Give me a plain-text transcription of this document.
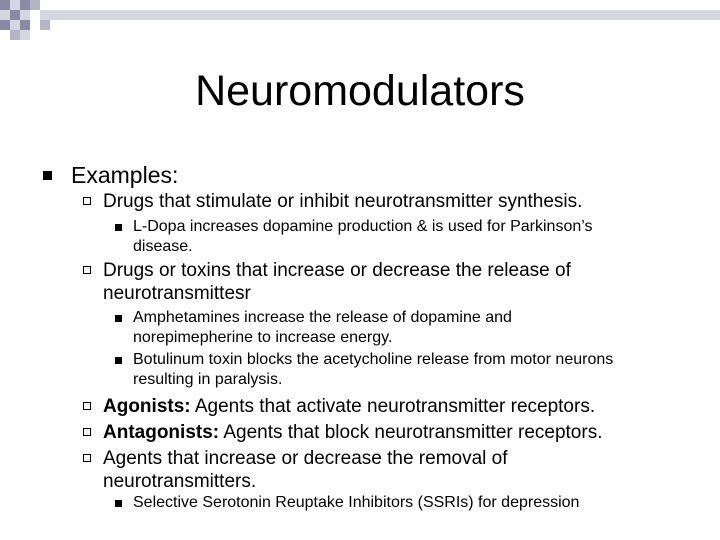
Neuromodulators
Examples:
Drugs that stimulate or inhibit neurotransmitter synthesis.
L-Dopa increases dopamine production & is used for Parkinson’s
disease.
Drugs or toxins that increase or decrease the release of
neurotransmittesr
Amphetamines increase the release of dopamine and
norepimepherine to increase energy.
Botulinum toxin blocks the acetycholine release from motor neurons
resulting in paralysis.
Agonists: Agents that activate neurotransmitter receptors.
Antagonists: Agents that block neurotransmitter receptors.
Agents that increase or decrease the removal of
neurotransmitters.
Selective Serotonin Reuptake Inhibitors (SSRIs) for depression
